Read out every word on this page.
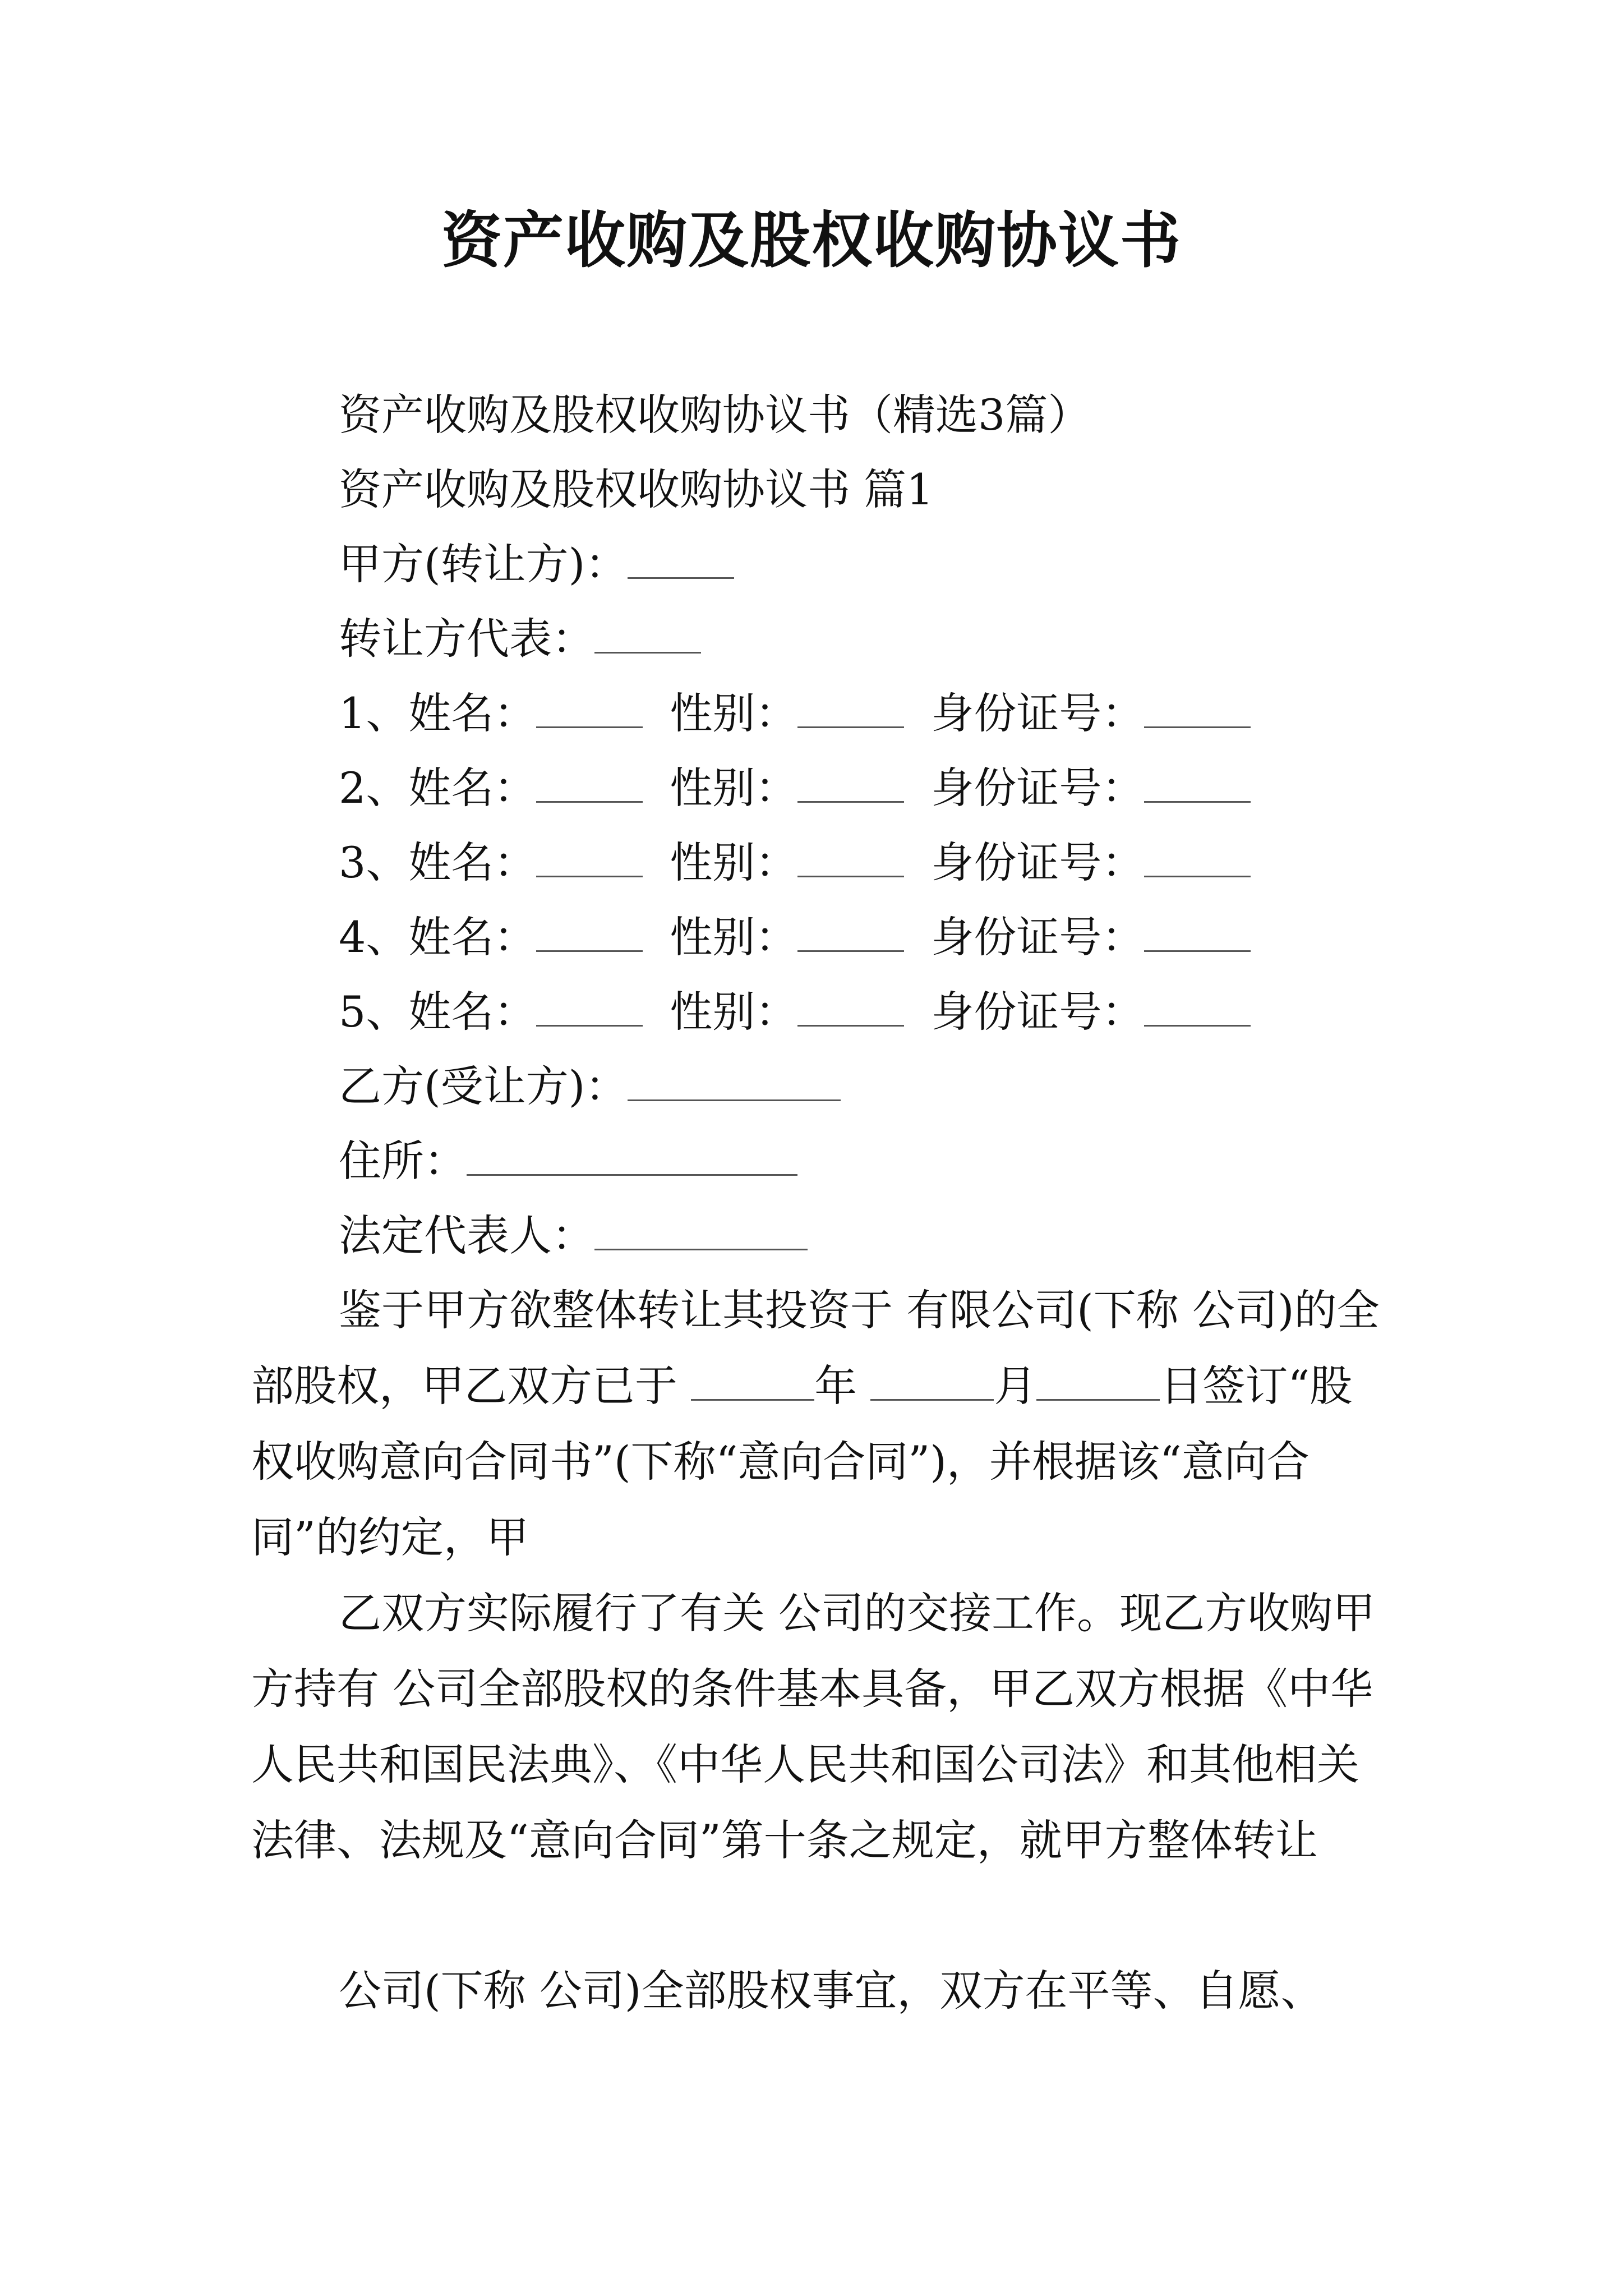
资产收购及股权收购协议书
资产收购及股权收购协议书（精选3篇）
资产收购及股权收购协议书 篇1
甲方(转让方)：
转让方代表：
1、姓名：	性别：	身份证号：
2、姓名：	性别：	身份证号：
3、姓名：	性别：	身份证号：
4、姓名：	性别：	身份证号：
5、姓名：	性别：	身份证号：
乙方(受让方)：
住所：
法定代表人：

鉴于甲方欲整体转让其投资于 有限公司(下称 公司)的全部股权，甲乙双方已于	年	月	日签订“股权收购意向合同书”(下称“意向合同”)，并根据该“意向合同”的约定，甲

乙双方实际履行了有关 公司的交接工作。现乙方收购甲方持有 公司全部股权的条件基本具备，甲乙双方根据《中华人民共和国民法典》、《中华人民共和国公司法》和其他相关法律、法规及“意向合同”第十条之规定，就甲方整体转让

公司(下称 公司)全部股权事宜，双方在平等、自愿、
